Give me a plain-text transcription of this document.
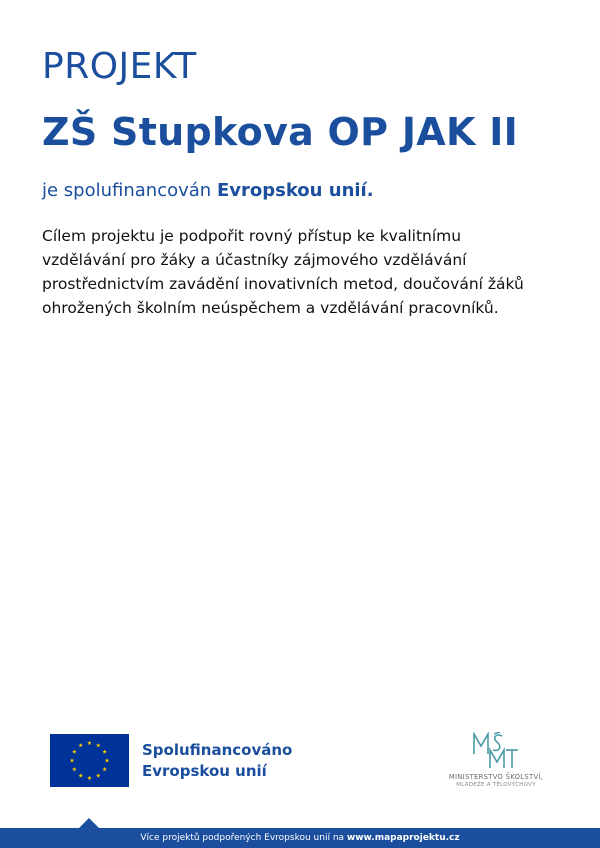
PROJEKT
ZŠ Stupkova OP JAK II

je spolufinancován Evropskou unií.

Cílem projektu je podpořit rovný přístup ke kvalitnímu
vzdělávání pro žáky a účastníky zájmového vzdělávání
prostřednictvím zavádění inovativních metod, doučování žáků
ohrožených školním neúspěchem a vzdělávání pracovníků.

Spolufinancováno
Evropskou unií	MINISTERSTVO ŠKOLSTVÍ,
MLÁDEŽE A TĚLOVÝCHOVY
Více projektů podpořených Evropskou unií na www.mapaprojektu.cz
